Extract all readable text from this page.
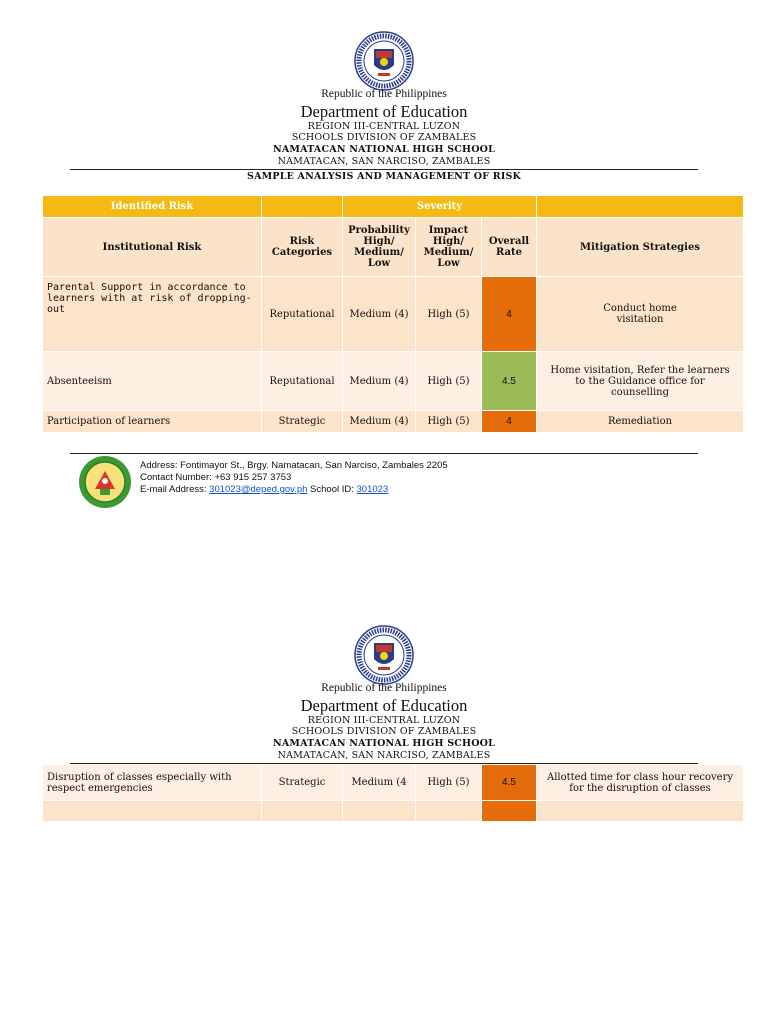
Republic of the Philippines
Department of Education
REGION III-CENTRAL LUZON
SCHOOLS DIVISION OF ZAMBALES
NAMATACAN NATIONAL HIGH SCHOOL
NAMATACAN, SAN NARCISO, ZAMBALES
SAMPLE ANALYSIS AND MANAGEMENT OF RISK
Identified Risk		Severity			
Institutional Risk	Risk Categories	Probability High/ Medium/ Low	Impact High/ Medium/ Low	Overall Rate	Mitigation Strategies
Parental Support in accordance to learners with at risk of dropping-out	Reputational	Medium (4)	High (5)	4	Conduct home visitation
Absenteeism	Reputational	Medium (4)	High (5)	4.5	Home visitation, Refer the learners to the Guidance office for counselling
Participation of learners	Strategic	Medium (4)	High (5)	4	Remediation
Address: Fontimayor St., Brgy. Namatacan, San Narciso, Zambales 2205
Contact Number: +63 915 257 3753
E-mail Address: 301023@deped.gov.ph School ID: 301023
Republic of the Philippines
Department of Education
REGION III-CENTRAL LUZON
SCHOOLS DIVISION OF ZAMBALES
NAMATACAN NATIONAL HIGH SCHOOL
NAMATACAN, SAN NARCISO, ZAMBALES
Disruption of classes especially with respect emergencies	Strategic	Medium (4	High (5)	4.5	Allotted time for class hour recovery for the disruption of classes
